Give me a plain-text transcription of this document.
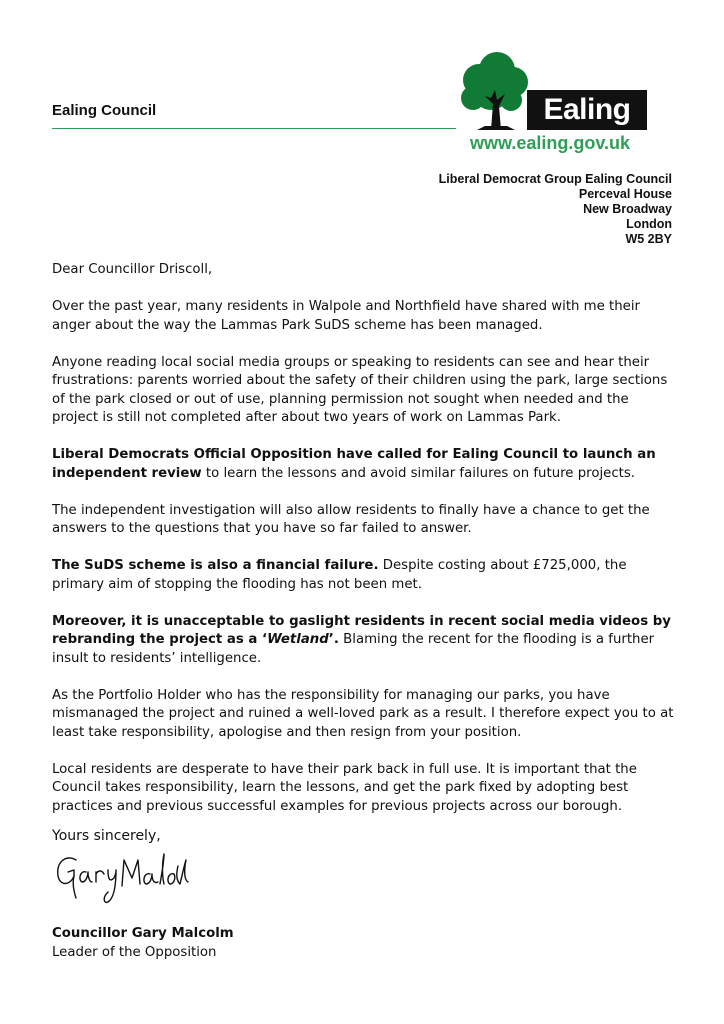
Ealing Council	Ealing
www.ealing.gov.uk
Liberal Democrat Group Ealing Council
Perceval House
New Broadway
London
W5 2BY

Dear Councillor Driscoll,

Over the past year, many residents in Walpole and Northfield have shared with me their anger about the way the Lammas Park SuDS scheme has been managed.

Anyone reading local social media groups or speaking to residents can see and hear their frustrations: parents worried about the safety of their children using the park, large sections of the park closed or out of use, planning permission not sought when needed and the project is still not completed after about two years of work on Lammas Park.

Liberal Democrats Official Opposition have called for Ealing Council to launch an independent review to learn the lessons and avoid similar failures on future projects.

The independent investigation will also allow residents to finally have a chance to get the answers to the questions that you have so far failed to answer.

The SuDS scheme is also a financial failure. Despite costing about £725,000, the primary aim of stopping the flooding has not been met.

Moreover, it is unacceptable to gaslight residents in recent social media videos by rebranding the project as a ‘Wetland’. Blaming the recent for the flooding is a further insult to residents’ intelligence.

As the Portfolio Holder who has the responsibility for managing our parks, you have mismanaged the project and ruined a well-loved park as a result. I therefore expect you to at least take responsibility, apologise and then resign from your position.

Local residents are desperate to have their park back in full use. It is important that the Council takes responsibility, learn the lessons, and get the park fixed by adopting best practices and previous successful examples for previous projects across our borough.

Yours sincerely,
Councillor Gary Malcolm
Leader of the Opposition
